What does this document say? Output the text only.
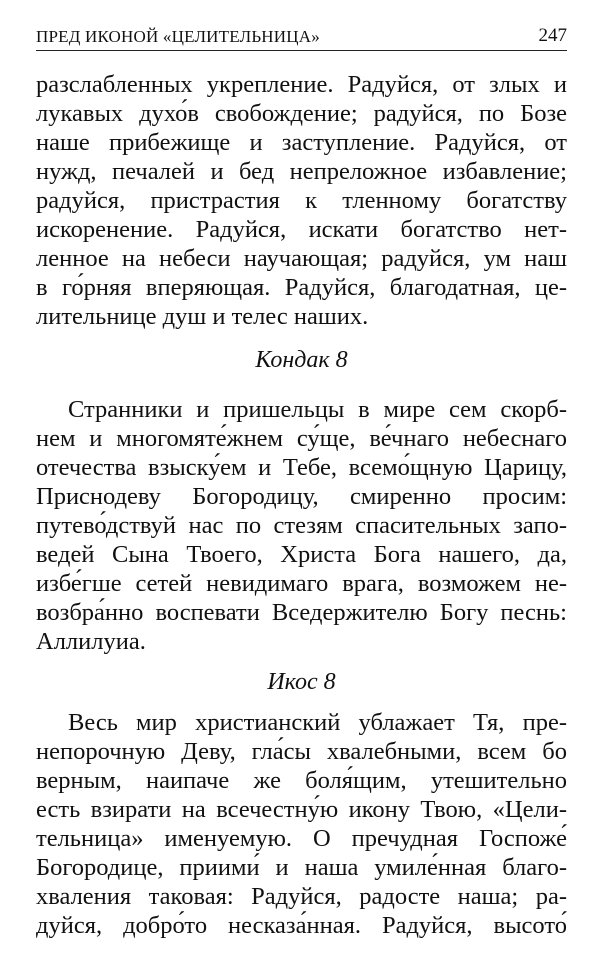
ПРЕД ИКОНОЙ «ЦЕЛИТЕЛЬНИЦА»	247
разслабленных укрепление. Радуйся, от злых и
лукавых духо́в свобождение; радуйся, по Бозе
наше прибежище и заступление. Радуйся, от
нужд, печалей и бед непреложное избавление;
радуйся, пристрастия к тленному богатству
искоренение. Радуйся, искати богатство нет-
ленное на небеси научающая; радуйся, ум наш
в го́рняя вперяющая. Радуйся, благодатная, це-
лительнице душ и телес наших.
Кондак 8
Странники и пришельцы в мире сем скорб-
нем и многомяте́жнем су́ще, ве́чнаго небеснаго
отечества взыску́ем и Тебе, всемо́щную Царицу,
Приснодеву Богородицу, смиренно просим:
путево́дствуй нас по стезям спасительных запо-
ведей Сына Твоего, Христа Бога нашего, да,
избе́гше сетей невидимаго врага, возможем не-
возбра́нно воспевати Вседержителю Богу песнь:
Аллилуиа.
Икос 8
Весь мир христианский ублажает Тя, пре-
непорочную Деву, гла́сы хвалебными, всем бо
верным, наипаче же боля́щим, утешительно
есть взирати на всечестну́ю икону Твою, «Цели-
тельница» именуемую. О пречудная Госпоже́
Богородице, приими́ и наша умиле́нная благо-
хваления таковая: Радуйся, радосте наша; ра-
дуйся, добро́то несказа́нная. Радуйся, высото́
